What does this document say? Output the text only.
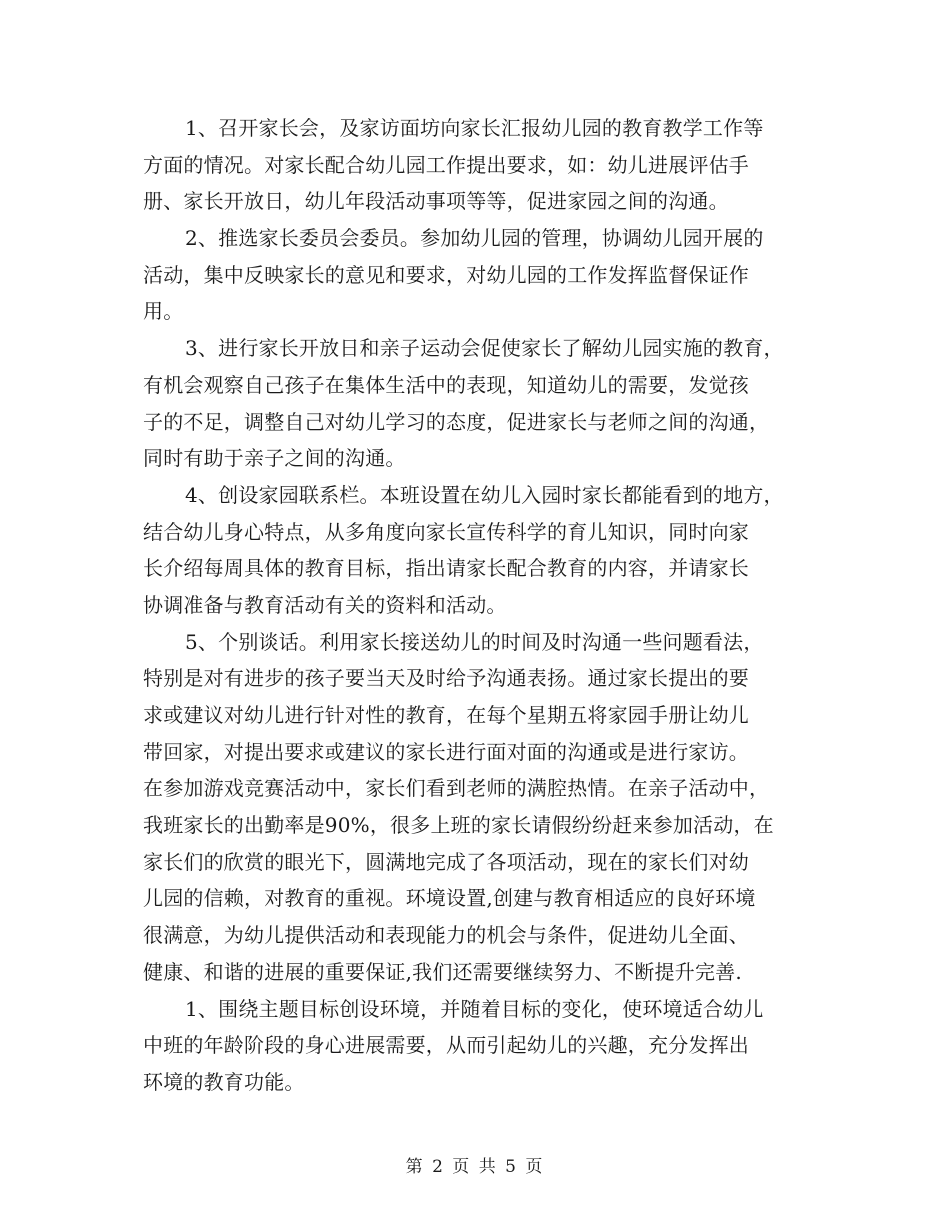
1、召开家长会，及家访面坊向家长汇报幼儿园的教育教学工作等
方面的情况。对家长配合幼儿园工作提出要求，如：幼儿进展评估手
册、家长开放日，幼儿年段活动事项等等，促进家园之间的沟通。
2、推选家长委员会委员。参加幼儿园的管理，协调幼儿园开展的
活动，集中反映家长的意见和要求，对幼儿园的工作发挥监督保证作
用。
3、进行家长开放日和亲子运动会促使家长了解幼儿园实施的教育，
有机会观察自己孩子在集体生活中的表现，知道幼儿的需要，发觉孩
子的不足，调整自己对幼儿学习的态度，促进家长与老师之间的沟通，
同时有助于亲子之间的沟通。
4、创设家园联系栏。本班设置在幼儿入园时家长都能看到的地方，
结合幼儿身心特点，从多角度向家长宣传科学的育儿知识，同时向家
长介绍每周具体的教育目标，指出请家长配合教育的内容，并请家长
协调准备与教育活动有关的资料和活动。
5、个别谈话。利用家长接送幼儿的时间及时沟通一些问题看法，
特别是对有进步的孩子要当天及时给予沟通表扬。通过家长提出的要
求或建议对幼儿进行针对性的教育，在每个星期五将家园手册让幼儿
带回家，对提出要求或建议的家长进行面对面的沟通或是进行家访。
在参加游戏竞赛活动中，家长们看到老师的满腔热情。在亲子活动中，
我班家长的出勤率是90%，很多上班的家长请假纷纷赶来参加活动，在
家长们的欣赏的眼光下，圆满地完成了各项活动，现在的家长们对幼
儿园的信赖，对教育的重视。环境设置,创建与教育相适应的良好环境
很满意，为幼儿提供活动和表现能力的机会与条件，促进幼儿全面、
健康、和谐的进展的重要保证,我们还需要继续努力、不断提升完善.
1、围绕主题目标创设环境，并随着目标的变化，使环境适合幼儿
中班的年龄阶段的身心进展需要，从而引起幼儿的兴趣，充分发挥出
环境的教育功能。
第 2 页 共 5 页
